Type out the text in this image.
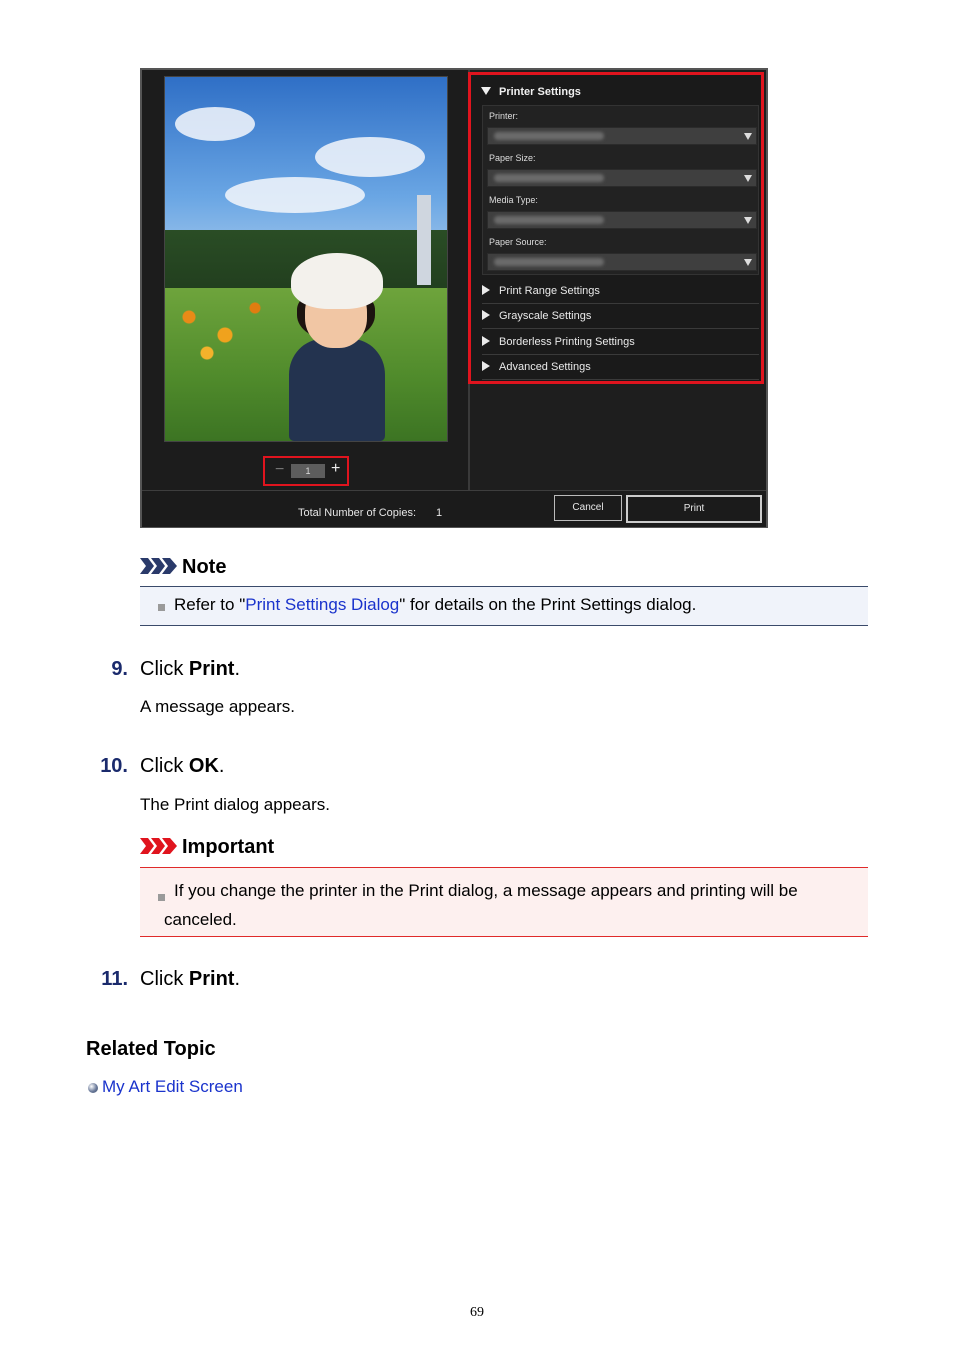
−	1	+
Printer Settings
Printer:
Paper Size:
Media Type:
Paper Source:
Print Range Settings
Grayscale Settings
Borderless Printing Settings
Advanced Settings
Total Number of Copies: 1	Cancel	Print
Note

Refer to "Print Settings Dialog" for details on the Print Settings dialog.

9. Click Print.
A message appears.
10. Click OK.
The Print dialog appears.
Important

If you change the printer in the Print dialog, a message appears and printing will be canceled.

11. Click Print.
Related Topic
My Art Edit Screen
69
